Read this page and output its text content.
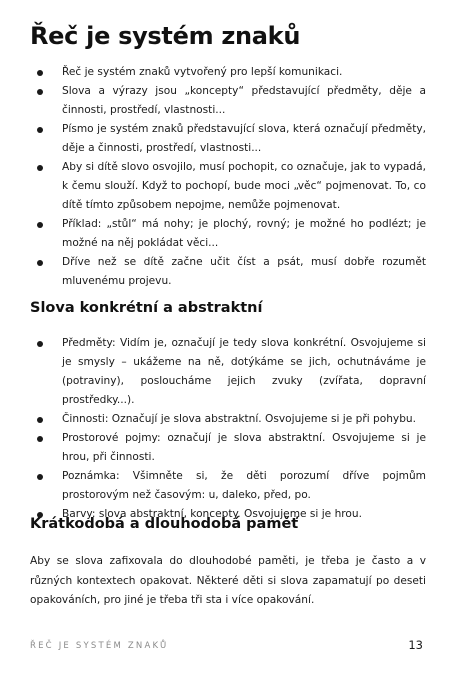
Řeč je systém znaků
Řeč je systém znaků vytvořený pro lepší komunikaci.
Slova a výrazy jsou „koncepty“ představující předměty, děje a činnosti, prostředí, vlastnosti...
Písmo je systém znaků představující slova, která označují předměty, děje a činnosti, prostředí, vlastnosti...
Aby si dítě slovo osvojilo, musí pochopit, co označuje, jak to vypadá, k čemu slouží. Když to pochopí, bude moci „věc“ pojmenovat. To, co dítě tímto způsobem nepojme, nemůže pojmenovat.
Příklad: „stůl“ má nohy; je plochý, rovný; je možné ho podlézt; je možné na něj pokládat věci...
Dříve než se dítě začne učit číst a psát, musí dobře rozumět mluvenému projevu.
Slova konkrétní a abstraktní
Předměty: Vidím je, označují je tedy slova konkrétní. Osvojujeme si je smysly – ukážeme na ně, dotýkáme se jich, ochutnáváme je (potraviny), posloucháme jejich zvuky (zvířata, dopravní prostředky...).
Činnosti: Označují je slova abstraktní. Osvojujeme si je při pohybu.
Prostorové pojmy: označují je slova abstraktní. Osvojujeme si je hrou, při činnosti.
Poznámka: Všimněte si, že děti porozumí dříve pojmům prostorovým než časovým: u, daleko, před, po.
Barvy: slova abstraktní, koncepty. Osvojujeme si je hrou.
Krátkodobá a dlouhodobá paměť

Aby se slova zafixovala do dlouhodobé paměti, je třeba je často a v různých kontextech opakovat. Některé děti si slova zapamatují po deseti opakováních, pro jiné je třeba tři sta i více opakování.

ŘEČ JE SYSTÉM ZNAKŮ	13
